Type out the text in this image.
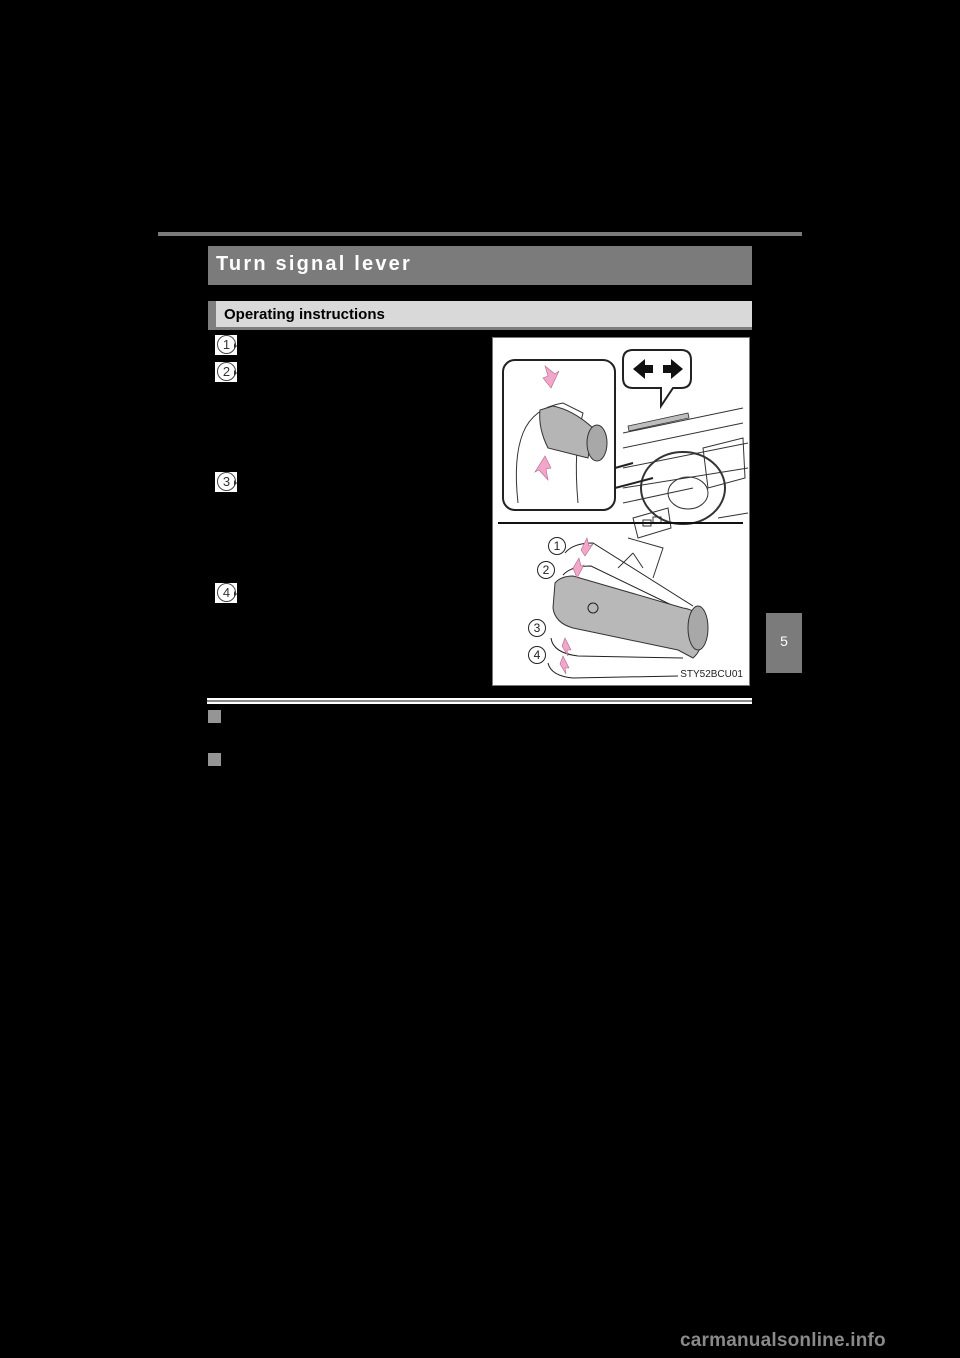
Turn signal lever
Operating instructions
1
2
3
4
1
2
3
4
STY52BCU01
5
carmanualsonline.info
